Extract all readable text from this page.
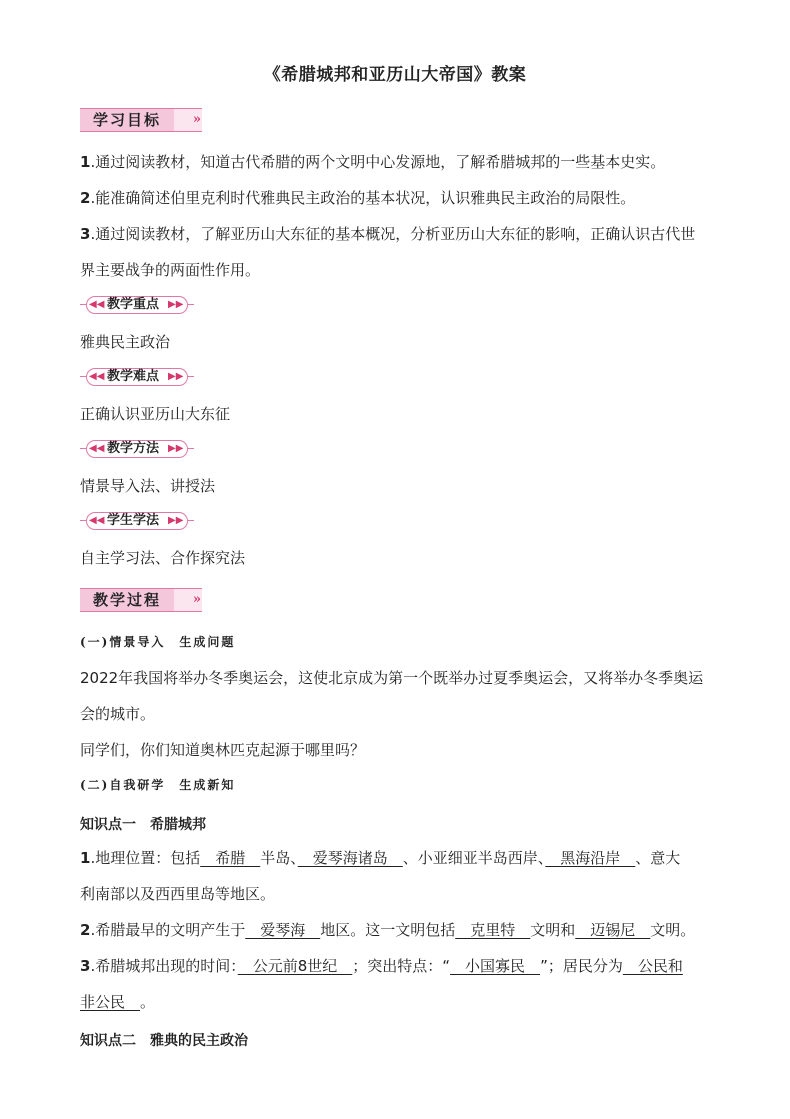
《希腊城邦和亚历山大帝国》教案
学习目标	»
1.通过阅读教材，知道古代希腊的两个文明中心发源地，了解希腊城邦的一些基本史实。
2.能准确简述伯里克利时代雅典民主政治的基本状况，认识雅典民主政治的局限性。
3.通过阅读教材，了解亚历山大东征的基本概况，分析亚历山大东征的影响，正确认识古代世
界主要战争的两面性作用。
◀◀ 教学重点 ▶▶
雅典民主政治
◀◀ 教学难点 ▶▶
正确认识亚历山大东征
◀◀ 教学方法 ▶▶
情景导入法、讲授法
◀◀ 学生学法 ▶▶
自主学习法、合作探究法
教学过程	»
(一)情景导入　生成问题
2022年我国将举办冬季奥运会，这使北京成为第一个既举办过夏季奥运会，又将举办冬季奥运
会的城市。
同学们，你们知道奥林匹克起源于哪里吗？
(二)自我研学　生成新知
知识点一　希腊城邦
1.地理位置：包括　希腊　半岛、　爱琴海诸岛　、小亚细亚半岛西岸、　黑海沿岸　、意大
利南部以及西西里岛等地区。
2.希腊最早的文明产生于　爱琴海　地区。这一文明包括　克里特　文明和　迈锡尼　文明。
3.希腊城邦出现的时间：　公元前8世纪　；突出特点：“　小国寡民　”；居民分为　公民和
非公民　 。
知识点二　雅典的民主政治
